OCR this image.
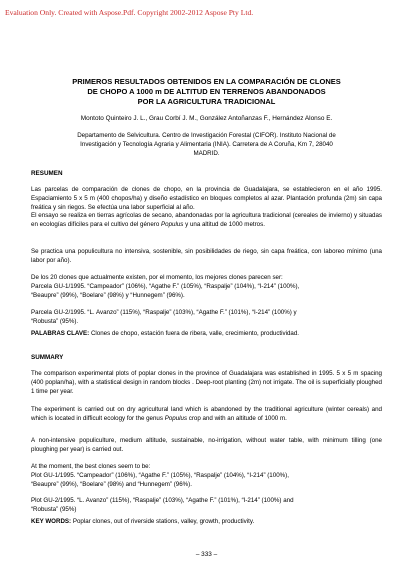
Evaluation Only. Created with Aspose.Pdf. Copyright 2002-2012 Aspose Pty Ltd.
PRIMEROS RESULTADOS OBTENIDOS EN LA COMPARACIÓN DE CLONES
DE CHOPO A 1000 m DE ALTITUD EN TERRENOS ABANDONADOS
POR LA AGRICULTURA TRADICIONAL
Montoto Quinteiro J. L., Grau Corbí J. M., González Antoñanzas F., Hernández Alonso E.
Departamento de Selvicultura. Centro de Investigación Forestal (CIFOR). Instituto Nacional de
Investigación y Tecnología Agraria y Alimentaria (INIA). Carretera de A Coruña, Km 7, 28040
MADRID.
RESUMEN
Las parcelas de comparación de clones de chopo, en la provincia de Guadalajara, se establecieron en el año 1995. Espaciamiento 5 x 5 m (400 chopos/ha) y diseño estadístico en bloques completos al azar. Plantación profunda (2m) sin capa freática y sin riegos. Se efectúa una labor superficial al año.
El ensayo se realiza en tierras agrícolas de secano, abandonadas por la agricultura tradicional (cereales de invierno) y situadas en ecologías difíciles para el cultivo del género Populus y una altitud de 1000 metros.
Se practica una populicultura no intensiva, sostenible, sin posibilidades de riego, sin capa freática, con laboreo mínimo (una labor por año).
De los 20 clones que actualmente existen, por el momento, los mejores clones parecen ser:
Parcela GU-1/1995. “Campeador” (106%), “Agathe F.” (105%), “Raspalje” (104%), “I-214” (100%),
“Beaupre” (99%), “Boelare” (98%) y “Hunnegem” (96%).
Parcela GU-2/1995. “L. Avanzo” (115%), “Raspalje” (103%), “Agathe F.” (101%), “I-214” (100%) y
“Robusta” (95%).
PALABRAS CLAVE: Clones de chopo, estación fuera de ribera, valle, crecimiento, productividad.
SUMMARY
The comparison experimental plots of poplar clones in the province of Guadalajara was established in 1995. 5 x 5 m spacing (400 poplan/ha), with a statistical design in random blocks . Deep-root planting (2m) not irrigate. The oil is superficially ploughed 1 time per year.
The experiment is carried out on dry agricultural land which is abandoned by the traditional agriculture (winter cereals) and which is located in difficult ecology for the genus Populus crop and with an altitude of 1000 m.
A non-intensive populiculture, medium altitude, sustainable, no-irrigation, without water table, with minimum tilling (one ploughing per year) is carried out.
At the moment, the best clones seem to be:
Plot GU-1/1995. “Campeador” (106%), “Agathe F.” (105%), “Raspalje” (104%), “I-214” (100%),
“Beaupre” (99%), “Boelare” (98%) and “Hunnegem” (96%).
Plot GU-2/1995. “L. Avanzo” (115%), “Raspalje” (103%), “Agathe F.” (101%), “I-214” (100%) and
“Robusta” (95%)
KEY WORDS: Poplar clones, out of riverside stations, valley, growth, productivity.
– 333 –
